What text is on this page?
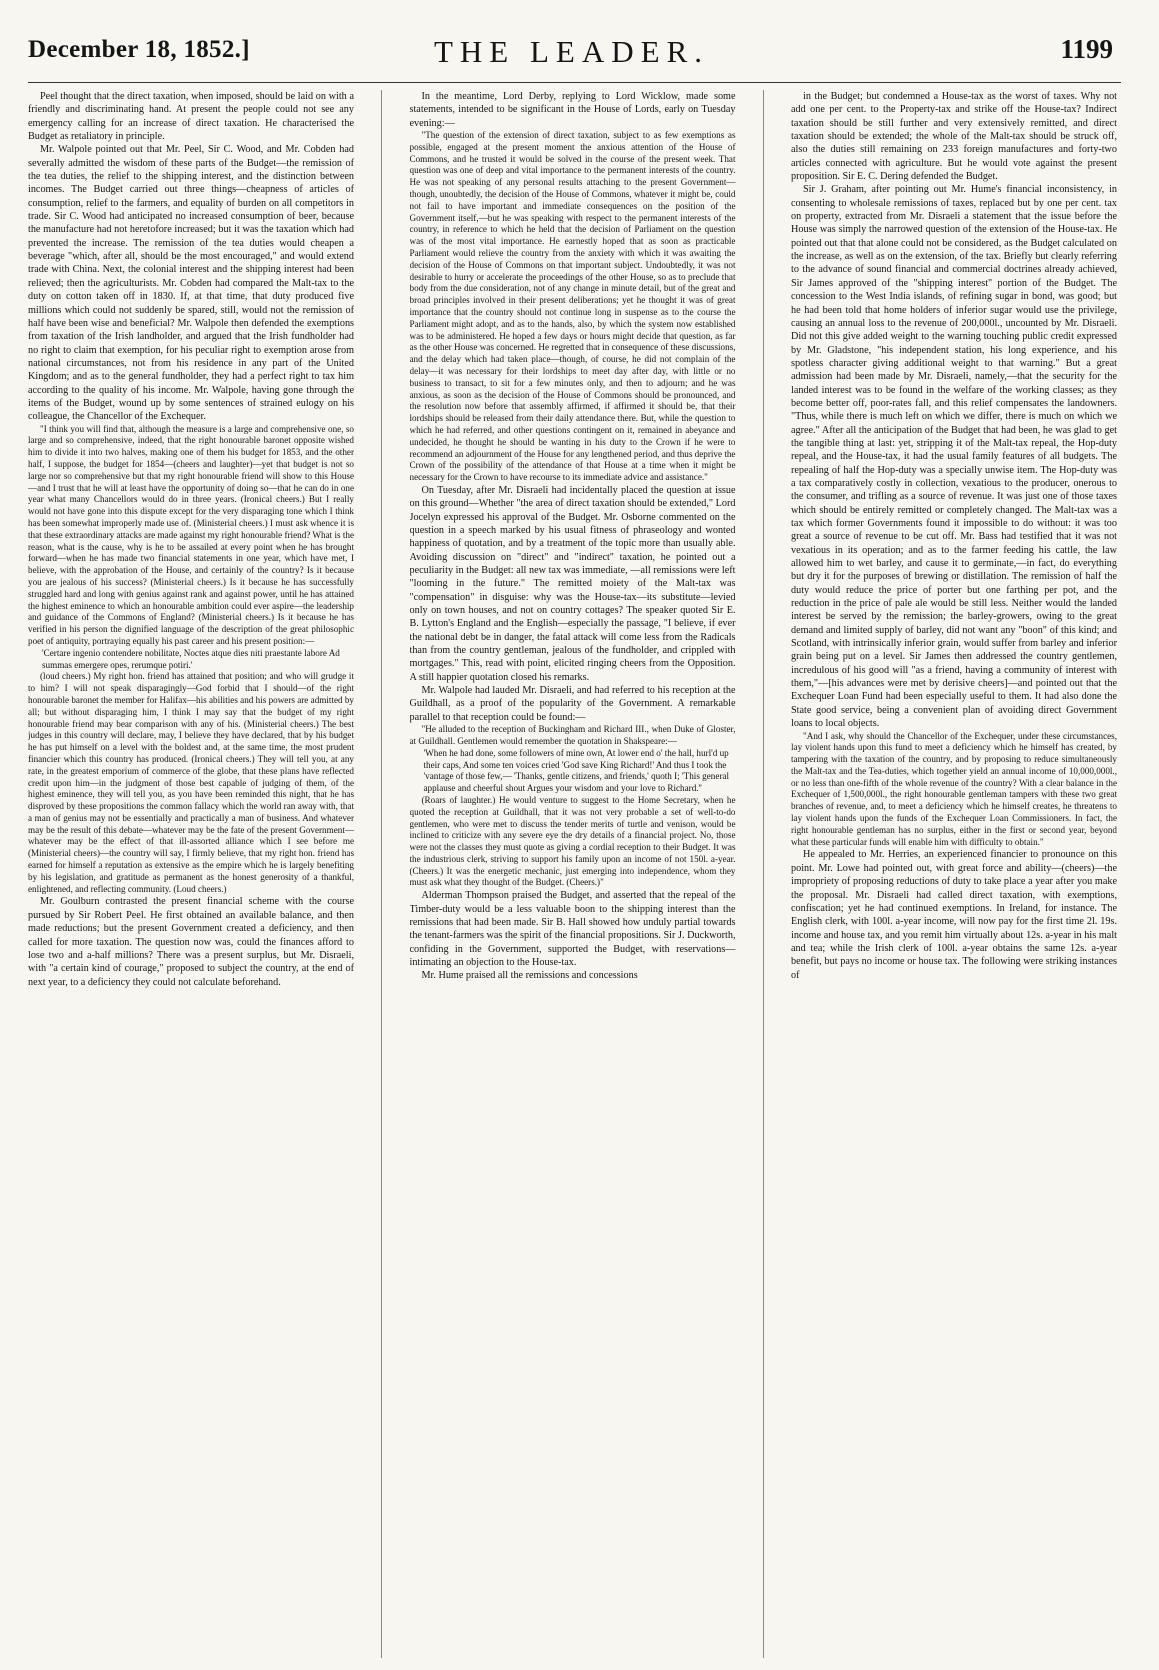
December 18, 1852.]	THE LEADER.	1199

Peel thought that the direct taxation, when imposed, should be laid on with a friendly and discriminating hand. At present the people could not see any emergency calling for an increase of direct taxation. He characterised the Budget as retaliatory in principle.

Mr. Walpole pointed out that Mr. Peel, Sir C. Wood, and Mr. Cobden had severally admitted the wisdom of these parts of the Budget—the remission of the tea duties, the relief to the shipping interest, and the distinction between incomes. The Budget carried out three things—cheapness of articles of consumption, relief to the farmers, and equality of burden on all competitors in trade. Sir C. Wood had anticipated no increased consumption of beer, because the manufacture had not heretofore increased; but it was the taxation which had prevented the increase. The remission of the tea duties would cheapen a beverage "which, after all, should be the most encouraged," and would extend trade with China. Next, the colonial interest and the shipping interest had been relieved; then the agriculturists. Mr. Cobden had compared the Malt-tax to the duty on cotton taken off in 1830. If, at that time, that duty produced five millions which could not suddenly be spared, still, would not the remission of half have been wise and beneficial? Mr. Walpole then defended the exemptions from taxation of the Irish landholder, and argued that the Irish fundholder had no right to claim that exemption, for his peculiar right to exemption arose from national circumstances, not from his residence in any part of the United Kingdom; and as to the general fundholder, they had a perfect right to tax him according to the quality of his income. Mr. Walpole, having gone through the items of the Budget, wound up by some sentences of strained eulogy on his colleague, the Chancellor of the Exchequer.

"I think you will find that, although the measure is a large and comprehensive one, so large and so comprehensive, indeed, that the right honourable baronet opposite wished him to divide it into two halves, making one of them his budget for 1853, and the other half, I suppose, the budget for 1854—(cheers and laughter)—yet that budget is not so large nor so comprehensive but that my right honourable friend will show to this House—and I trust that he will at least have the opportunity of doing so—that he can do in one year what many Chancellors would do in three years. (Ironical cheers.) But I really would not have gone into this dispute except for the very disparaging tone which I think has been somewhat improperly made use of. (Ministerial cheers.) I must ask whence it is that these extraordinary attacks are made against my right honourable friend? What is the reason, what is the cause, why is he to be assailed at every point when he has brought forward—when he has made two financial statements in one year, which have met, I believe, with the approbation of the House, and certainly of the country? Is it because you are jealous of his success? (Ministerial cheers.) Is it because he has successfully struggled hard and long with genius against rank and against power, until he has attained the highest eminence to which an honourable ambition could ever aspire—the leadership and guidance of the Commons of England? (Ministerial cheers.) Is it because he has verified in his person the dignified language of the description of the great philosophic poet of antiquity, portraying equally his past career and his present position:—

'Certare ingenio contendere nobilitate, Noctes atque dies niti praestante labore Ad summas emergere opes, rerumque potiri.'

(loud cheers.) My right hon. friend has attained that position; and who will grudge it to him? I will not speak disparagingly—God forbid that I should—of the right honourable baronet the member for Halifax—his abilities and his powers are admitted by all; but without disparaging him, I think I may say that the budget of my right honourable friend may bear comparison with any of his. (Ministerial cheers.) The best judges in this country will declare, may, I believe they have declared, that by his budget he has put himself on a level with the boldest and, at the same time, the most prudent financier which this country has produced. (Ironical cheers.) They will tell you, at any rate, in the greatest emporium of commerce of the globe, that these plans have reflected credit upon him—in the judgment of those best capable of judging of them, of the highest eminence, they will tell you, as you have been reminded this night, that he has disproved by these propositions the common fallacy which the world ran away with, that a man of genius may not be essentially and practically a man of business. And whatever may be the result of this debate—whatever may be the fate of the present Government—whatever may be the effect of that ill-assorted alliance which I see before me (Ministerial cheers)—the country will say, I firmly believe, that my right hon. friend has earned for himself a reputation as extensive as the empire which he is largely benefiting by his legislation, and gratitude as permanent as the honest generosity of a thankful, enlightened, and reflecting community. (Loud cheers.)

Mr. Goulburn contrasted the present financial scheme with the course pursued by Sir Robert Peel. He first obtained an available balance, and then made reductions; but the present Government created a deficiency, and then called for more taxation. The question now was, could the finances afford to lose two and a-half millions? There was a present surplus, but Mr. Disraeli, with "a certain kind of courage," proposed to subject the country, at the end of next year, to a deficiency they could not calculate beforehand.

In the meantime, Lord Derby, replying to Lord Wicklow, made some statements, intended to be significant in the House of Lords, early on Tuesday evening:—

"The question of the extension of direct taxation, subject to as few exemptions as possible, engaged at the present moment the anxious attention of the House of Commons, and he trusted it would be solved in the course of the present week. That question was one of deep and vital importance to the permanent interests of the country. He was not speaking of any personal results attaching to the present Government—though, unoubtedly, the decision of the House of Commons, whatever it might be, could not fail to have important and immediate consequences on the position of the Government itself,—but he was speaking with respect to the permanent interests of the country, in reference to which he held that the decision of Parliament on the question was of the most vital importance. He earnestly hoped that as soon as practicable Parliament would relieve the country from the anxiety with which it was awaiting the decision of the House of Commons on that important subject. Undoubtedly, it was not desirable to hurry or accelerate the proceedings of the other House, so as to preclude that body from the due consideration, not of any change in minute detail, but of the great and broad principles involved in their present deliberations; yet he thought it was of great importance that the country should not continue long in suspense as to the course the Parliament might adopt, and as to the hands, also, by which the system now established was to be administered. He hoped a few days or hours might decide that question, as far as the other House was concerned. He regretted that in consequence of these discussions, and the delay which had taken place—though, of course, he did not complain of the delay—it was necessary for their lordships to meet day after day, with little or no business to transact, to sit for a few minutes only, and then to adjourn; and he was anxious, as soon as the decision of the House of Commons should be pronounced, and the resolution now before that assembly affirmed, if affirmed it should be, that their lordships should be released from their daily attendance there. But, while the question to which he had referred, and other questions contingent on it, remained in abeyance and undecided, he thought he should be wanting in his duty to the Crown if he were to recommend an adjournment of the House for any lengthened period, and thus deprive the Crown of the possibility of the attendance of that House at a time when it might be necessary for the Crown to have recourse to its immediate advice and assistance."

On Tuesday, after Mr. Disraeli had incidentally placed the question at issue on this ground—Whether "the area of direct taxation should be extended," Lord Jocelyn expressed his approval of the Budget. Mr. Osborne commented on the question in a speech marked by his usual fitness of phraseology and wonted happiness of quotation, and by a treatment of the topic more than usually able. Avoiding discussion on "direct" and "indirect" taxation, he pointed out a peculiarity in the Budget: all new tax was immediate, —all remissions were left "looming in the future." The remitted moiety of the Malt-tax was "compensation" in disguise: why was the House-tax—its substitute—levied only on town houses, and not on country cottages? The speaker quoted Sir E. B. Lytton's England and the English—especially the passage, "I believe, if ever the national debt be in danger, the fatal attack will come less from the Radicals than from the country gentleman, jealous of the fundholder, and crippled with mortgages." This, read with point, elicited ringing cheers from the Opposition. A still happier quotation closed his remarks.

Mr. Walpole had lauded Mr. Disraeli, and had referred to his reception at the Guildhall, as a proof of the popularity of the Government. A remarkable parallel to that reception could be found:—

"He alluded to the reception of Buckingham and Richard III., when Duke of Gloster, at Guildhall. Gentlemen would remember the quotation in Shakspeare:—

'When he had done, some followers of mine own, At lower end o' the hall, hurl'd up their caps, And some ten voices cried 'God save King Richard!' And thus I took the 'vantage of those few,— 'Thanks, gentle citizens, and friends,' quoth I; 'This general applause and cheerful shout Argues your wisdom and your love to Richard.''

(Roars of laughter.) He would venture to suggest to the Home Secretary, when he quoted the reception at Guildhall, that it was not very probable a set of well-to-do gentlemen, who were met to discuss the tender merits of turtle and venison, would be inclined to criticize with any severe eye the dry details of a financial project. No, those were not the classes they must quote as giving a cordial reception to their Budget. It was the industrious clerk, striving to support his family upon an income of not 150l. a-year. (Cheers.) It was the energetic mechanic, just emerging into independence, whom they must ask what they thought of the Budget. (Cheers.)"

Alderman Thompson praised the Budget, and asserted that the repeal of the Timber-duty would be a less valuable boon to the shipping interest than the remissions that had been made. Sir B. Hall showed how unduly partial towards the tenant-farmers was the spirit of the financial propositions. Sir J. Duckworth, confiding in the Government, supported the Budget, with reservations—intimating an objection to the House-tax.

Mr. Hume praised all the remissions and concessions

in the Budget; but condemned a House-tax as the worst of taxes. Why not add one per cent. to the Property-tax and strike off the House-tax? Indirect taxation should be still further and very extensively remitted, and direct taxation should be extended; the whole of the Malt-tax should be struck off, also the duties still remaining on 233 foreign manufactures and forty-two articles connected with agriculture. But he would vote against the present proposition. Sir E. C. Dering defended the Budget.

Sir J. Graham, after pointing out Mr. Hume's financial inconsistency, in consenting to wholesale remissions of taxes, replaced but by one per cent. tax on property, extracted from Mr. Disraeli a statement that the issue before the House was simply the narrowed question of the extension of the House-tax. He pointed out that that alone could not be considered, as the Budget calculated on the increase, as well as on the extension, of the tax. Briefly but clearly referring to the advance of sound financial and commercial doctrines already achieved, Sir James approved of the "shipping interest" portion of the Budget. The concession to the West India islands, of refining sugar in bond, was good; but he had been told that home holders of inferior sugar would use the privilege, causing an annual loss to the revenue of 200,000l., uncounted by Mr. Disraeli. Did not this give added weight to the warning touching public credit expressed by Mr. Gladstone, "his independent station, his long experience, and his spotless character giving additional weight to that warning." But a great admission had been made by Mr. Disraeli, namely,—that the security for the landed interest was to be found in the welfare of the working classes; as they become better off, poor-rates fall, and this relief compensates the landowners. "Thus, while there is much left on which we differ, there is much on which we agree." After all the anticipation of the Budget that had been, he was glad to get the tangible thing at last: yet, stripping it of the Malt-tax repeal, the Hop-duty repeal, and the House-tax, it had the usual family features of all budgets. The repealing of half the Hop-duty was a specially unwise item. The Hop-duty was a tax comparatively costly in collection, vexatious to the producer, onerous to the consumer, and trifling as a source of revenue. It was just one of those taxes which should be entirely remitted or completely changed. The Malt-tax was a tax which former Governments found it impossible to do without: it was too great a source of revenue to be cut off. Mr. Bass had testified that it was not vexatious in its operation; and as to the farmer feeding his cattle, the law allowed him to wet barley, and cause it to germinate,—in fact, do everything but dry it for the purposes of brewing or distillation. The remission of half the duty would reduce the price of porter but one farthing per pot, and the reduction in the price of pale ale would be still less. Neither would the landed interest be served by the remission; the barley-growers, owing to the great demand and limited supply of barley, did not want any "boon" of this kind; and Scotland, with intrinsically inferior grain, would suffer from barley and inferior grain being put on a level. Sir James then addressed the country gentlemen, incredulous of his good will "as a friend, having a community of interest with them,"—[his advances were met by derisive cheers]—and pointed out that the Exchequer Loan Fund had been especially useful to them. It had also done the State good service, being a convenient plan of avoiding direct Government loans to local objects.

"And I ask, why should the Chancellor of the Exchequer, under these circumstances, lay violent hands upon this fund to meet a deficiency which he himself has created, by tampering with the taxation of the country, and by proposing to reduce simultaneously the Malt-tax and the Tea-duties, which together yield an annual income of 10,000,000l., or no less than one-fifth of the whole revenue of the country? With a clear balance in the Exchequer of 1,500,000l., the right honourable gentleman tampers with these two great branches of revenue, and, to meet a deficiency which he himself creates, he threatens to lay violent hands upon the funds of the Exchequer Loan Commissioners. In fact, the right honourable gentleman has no surplus, either in the first or second year, beyond what these particular funds will enable him with difficulty to obtain."

He appealed to Mr. Herries, an experienced financier to pronounce on this point. Mr. Lowe had pointed out, with great force and ability—(cheers)—the impropriety of proposing reductions of duty to take place a year after you make the proposal. Mr. Disraeli had called direct taxation, with exemptions, confiscation; yet he had continued exemptions. In Ireland, for instance. The English clerk, with 100l. a-year income, will now pay for the first time 2l. 19s. income and house tax, and you remit him virtually about 12s. a-year in his malt and tea; while the Irish clerk of 100l. a-year obtains the same 12s. a-year benefit, but pays no income or house tax. The following were striking instances of
